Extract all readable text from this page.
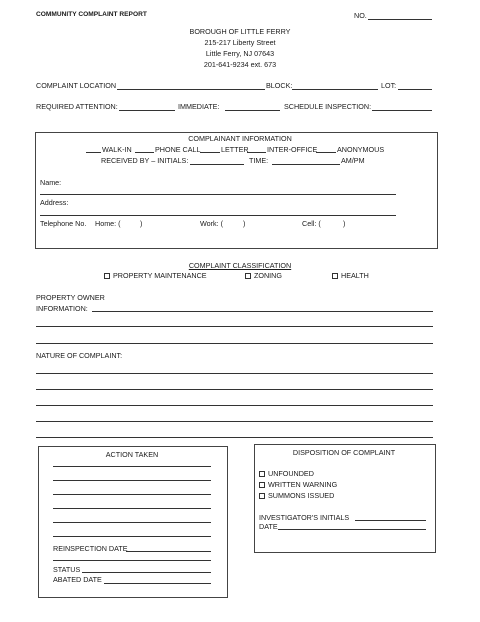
COMMUNITY COMPLAINT REPORT	NO.
BOROUGH OF LITTLE FERRY
215-217 Liberty Street
Little Ferry, NJ 07643
201-641-9234 ext. 673
COMPLAINT LOCATION	BLOCK:	LOT:
REQUIRED ATTENTION:	IMMEDIATE:	SCHEDULE INSPECTION:
COMPLAINANT INFORMATION
WALK-IN	PHONE CALL	LETTER	INTER-OFFICE	ANONYMOUS
RECEIVED BY – INITIALS:	TIME:	AM/PM
Name:
Address:
Telephone No. Home: (	)	Work: (	)	Cell: (	)
COMPLAINT CLASSIFICATION
PROPERTY MAINTENANCE	ZONING	HEALTH
PROPERTY OWNER
INFORMATION:
NATURE OF COMPLAINT:
ACTION TAKEN
REINSPECTION DATE
STATUS
ABATED DATE
DISPOSITION OF COMPLAINT
UNFOUNDED
WRITTEN WARNING
SUMMONS ISSUED
INVESTIGATOR'S INITIALS
DATE
